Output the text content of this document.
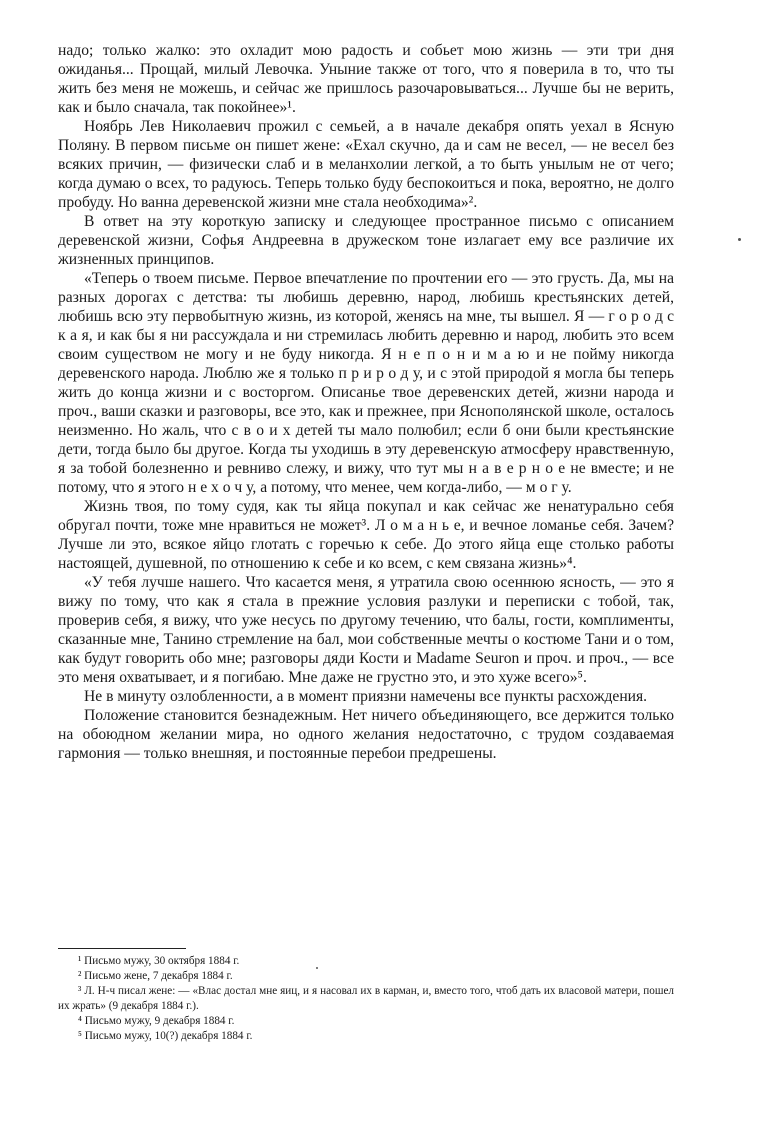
надо; только жалко: это охладит мою радость и собьет мою жизнь — эти три дня ожиданья... Прощай, милый Левочка. Уныние также от того, что я поверила в то, что ты жить без меня не можешь, и сейчас же пришлось разочаровываться... Лучше бы не верить, как и было сначала, так покойнее»¹.

Ноябрь Лев Николаевич прожил с семьей, а в начале декабря опять уехал в Ясную Поляну. В первом письме он пишет жене: «Ехал скучно, да и сам не весел, — не весел без всяких причин, — физически слаб и в меланхолии легкой, а то быть унылым не от чего; когда думаю о всех, то радуюсь. Теперь только буду беспокоиться и пока, вероятно, не долго пробуду. Но ванна деревенской жизни мне стала необходима»².

В ответ на эту короткую записку и следующее пространное письмо с описанием деревенской жизни, Софья Андреевна в дружеском тоне излагает ему все различие их жизненных принципов.

«Теперь о твоем письме. Первое впечатление по прочтении его — это грусть. Да, мы на разных дорогах с детства: ты любишь деревню, народ, любишь крестьянских детей, любишь всю эту первобытную жизнь, из которой, женясь на мне, ты вышел. Я — г о р о д с к а я, и как бы я ни рассуждала и ни стремилась любить деревню и народ, любить это всем своим существом не могу и не буду никогда. Я н е п о н и м а ю и не пойму никогда деревенского народа. Люблю же я только п р и р о д у, и с этой природой я могла бы теперь жить до конца жизни и с восторгом. Описанье твое деревенских детей, жизни народа и проч., ваши сказки и разговоры, все это, как и прежнее, при Яснополянской школе, осталось неизменно. Но жаль, что с в о и х детей ты мало полюбил; если б они были крестьянские дети, тогда было бы другое. Когда ты уходишь в эту деревенскую атмосферу нравственную, я за тобой болезненно и ревниво слежу, и вижу, что тут мы н а в е р н о е не вместе; и не потому, что я этого н е х о ч у, а потому, что менее, чем когда-либо, — м о г у.

Жизнь твоя, по тому судя, как ты яйца покупал и как сейчас же ненатурально себя обругал почти, тоже мне нравиться не может³. Л о м а н ь е, и вечное ломанье себя. Зачем? Лучше ли это, всякое яйцо глотать с горечью к себе. До этого яйца еще столько работы настоящей, душевной, по отношению к себе и ко всем, с кем связана жизнь»⁴.

«У тебя лучше нашего. Что касается меня, я утратила свою осеннюю ясность, — это я вижу по тому, что как я стала в прежние условия разлуки и переписки с тобой, так, проверив себя, я вижу, что уже несусь по другому течению, что балы, гости, комплименты, сказанные мне, Танино стремление на бал, мои собственные мечты о костюме Тани и о том, как будут говорить обо мне; разговоры дяди Кости и Madame Seuron и проч. и проч., — все это меня охватывает, и я погибаю. Мне даже не грустно это, и это хуже всего»⁵.

Не в минуту озлобленности, а в момент приязни намечены все пункты расхождения.

Положение становится безнадежным. Нет ничего объединяющего, все держится только на обоюдном желании мира, но одного желания недостаточно, с трудом создаваемая гармония — только внешняя, и постоянные перебои предрешены.

¹ Письмо мужу, 30 октября 1884 г.

² Письмо жене, 7 декабря 1884 г.

³ Л. Н-ч писал жене: — «Влас достал мне яиц, и я насовал их в карман, и, вместо того, чтоб дать их власовой матери, пошел их жрать» (9 декабря 1884 г.).

⁴ Письмо мужу, 9 декабря 1884 г.

⁵ Письмо мужу, 10(?) декабря 1884 г.
